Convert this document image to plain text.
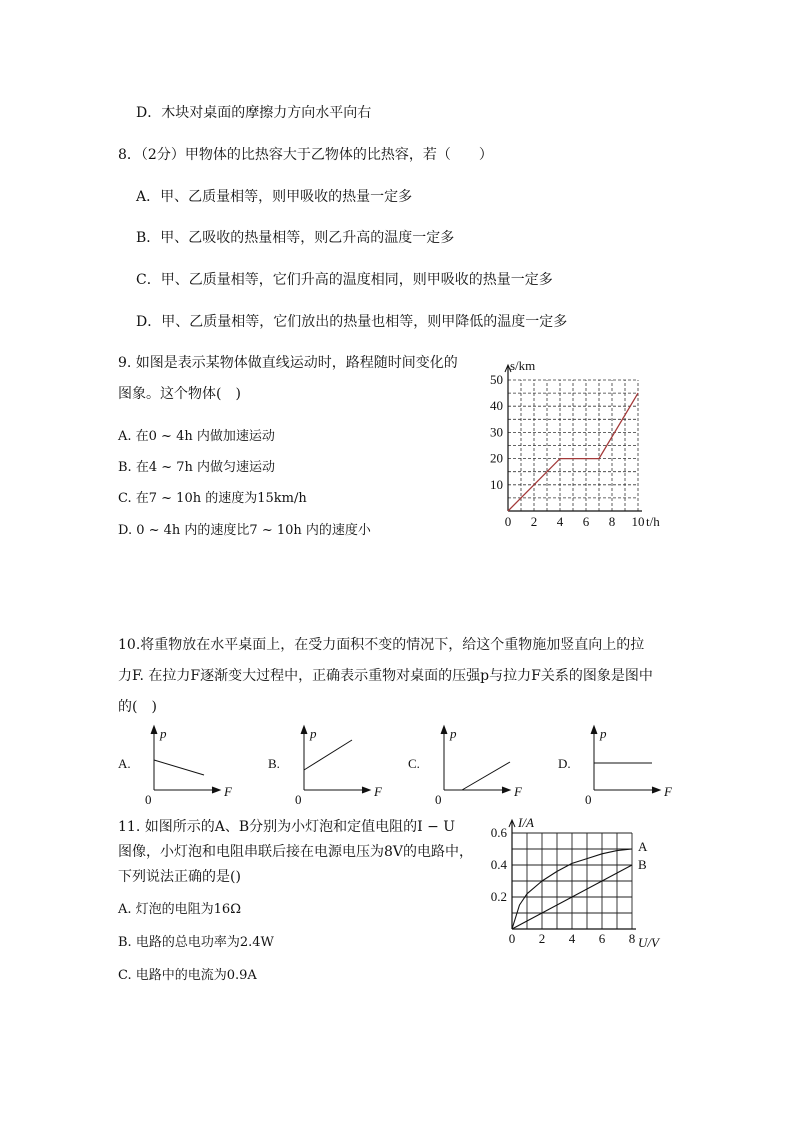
D．木块对桌面的摩擦力方向水平向右
8．（2分）甲物体的比热容大于乙物体的比热容，若（　　）
A．甲、乙质量相等，则甲吸收的热量一定多
B．甲、乙吸收的热量相等，则乙升高的温度一定多
C．甲、乙质量相等，它们升高的温度相同，则甲吸收的热量一定多
D．甲、乙质量相等，它们放出的热量也相等，则甲降低的温度一定多
9. 如图是表示某物体做直线运动时，路程随时间变化的
图象。这个物体(　)
A. 在0 ~ 4h 内做加速运动
B. 在4 ~ 7h 内做匀速运动
C. 在7 ~ 10h 的速度为15km/h
D. 0 ~ 4h 内的速度比7 ~ 10h 内的速度小
0 2 4 6 8 10
10
20
30
40
50
s/km
t/h
10.将重物放在水平桌面上，在受力面积不变的情况下，给这个重物施加竖直向上的拉
力F. 在拉力F逐渐变大过程中，正确表示重物对桌面的压强p与拉力F关系的图象是图中
的(　)
A.
p
F
0
B.
p
F
0
C.
p
F
0
D.
p
F
0
11. 如图所示的A、B分别为小灯泡和定值电阻的I − U
图像，小灯泡和电阻串联后接在电源电压为8V的电路中，
下列说法正确的是()
A. 灯泡的电阻为16Ω
B. 电路的总电功率为2.4W
C. 电路中的电流为0.9A
0 2 4 6 8
0.2
0.4
0.6
A
B
I/A
U/V
